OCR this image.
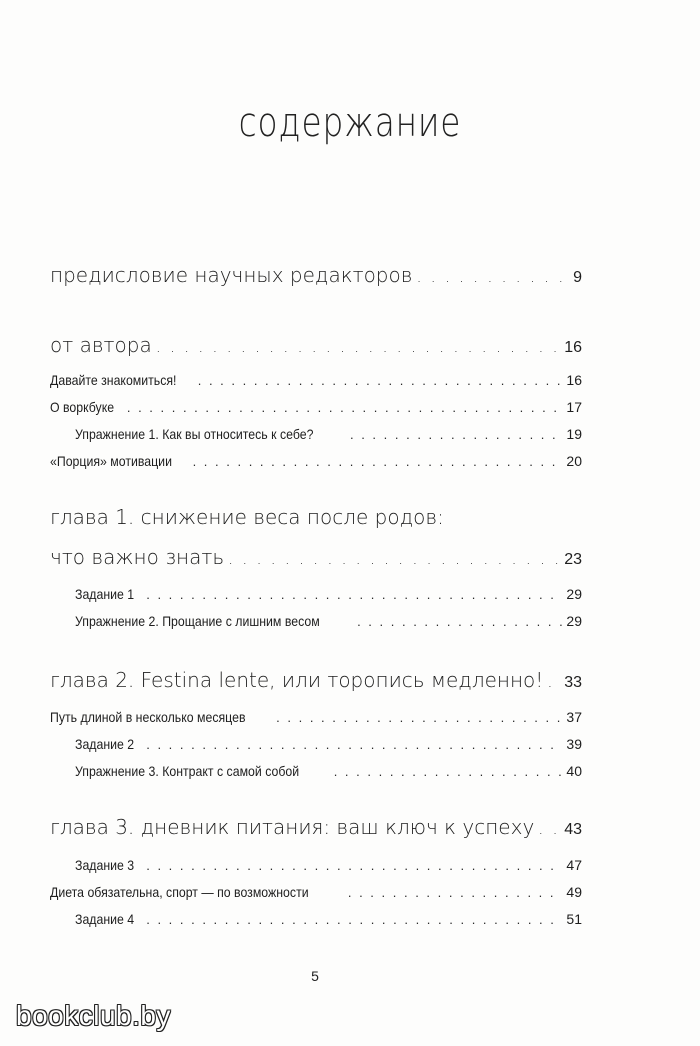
содержание
предисловие научных редакторов . . .	9
от автора . . .	16
Давайте знакомиться! . . .	16
О воркбуке . . .	17
Упражнение 1. Как вы относитесь к себе? . . .	19
«Порция» мотивации . . .	20
глава 1. снижение веса после родов:
что важно знать . . .	23
Задание 1 . . .	29
Упражнение 2. Прощание с лишним весом . . .	29
глава 2. Festina lente, или торопись медленно! . . . 33
Путь длиной в несколько месяцев . . .	37
Задание 2 . . .	39
Упражнение 3. Контракт с самой собой . . .	40
глава 3. дневник питания: ваш ключ к успеху . . . 43
Задание 3 . . .	47
Диета обязательна, спорт — по возможности . . .	49
Задание 4 . . .	51
5
bookclub.by
